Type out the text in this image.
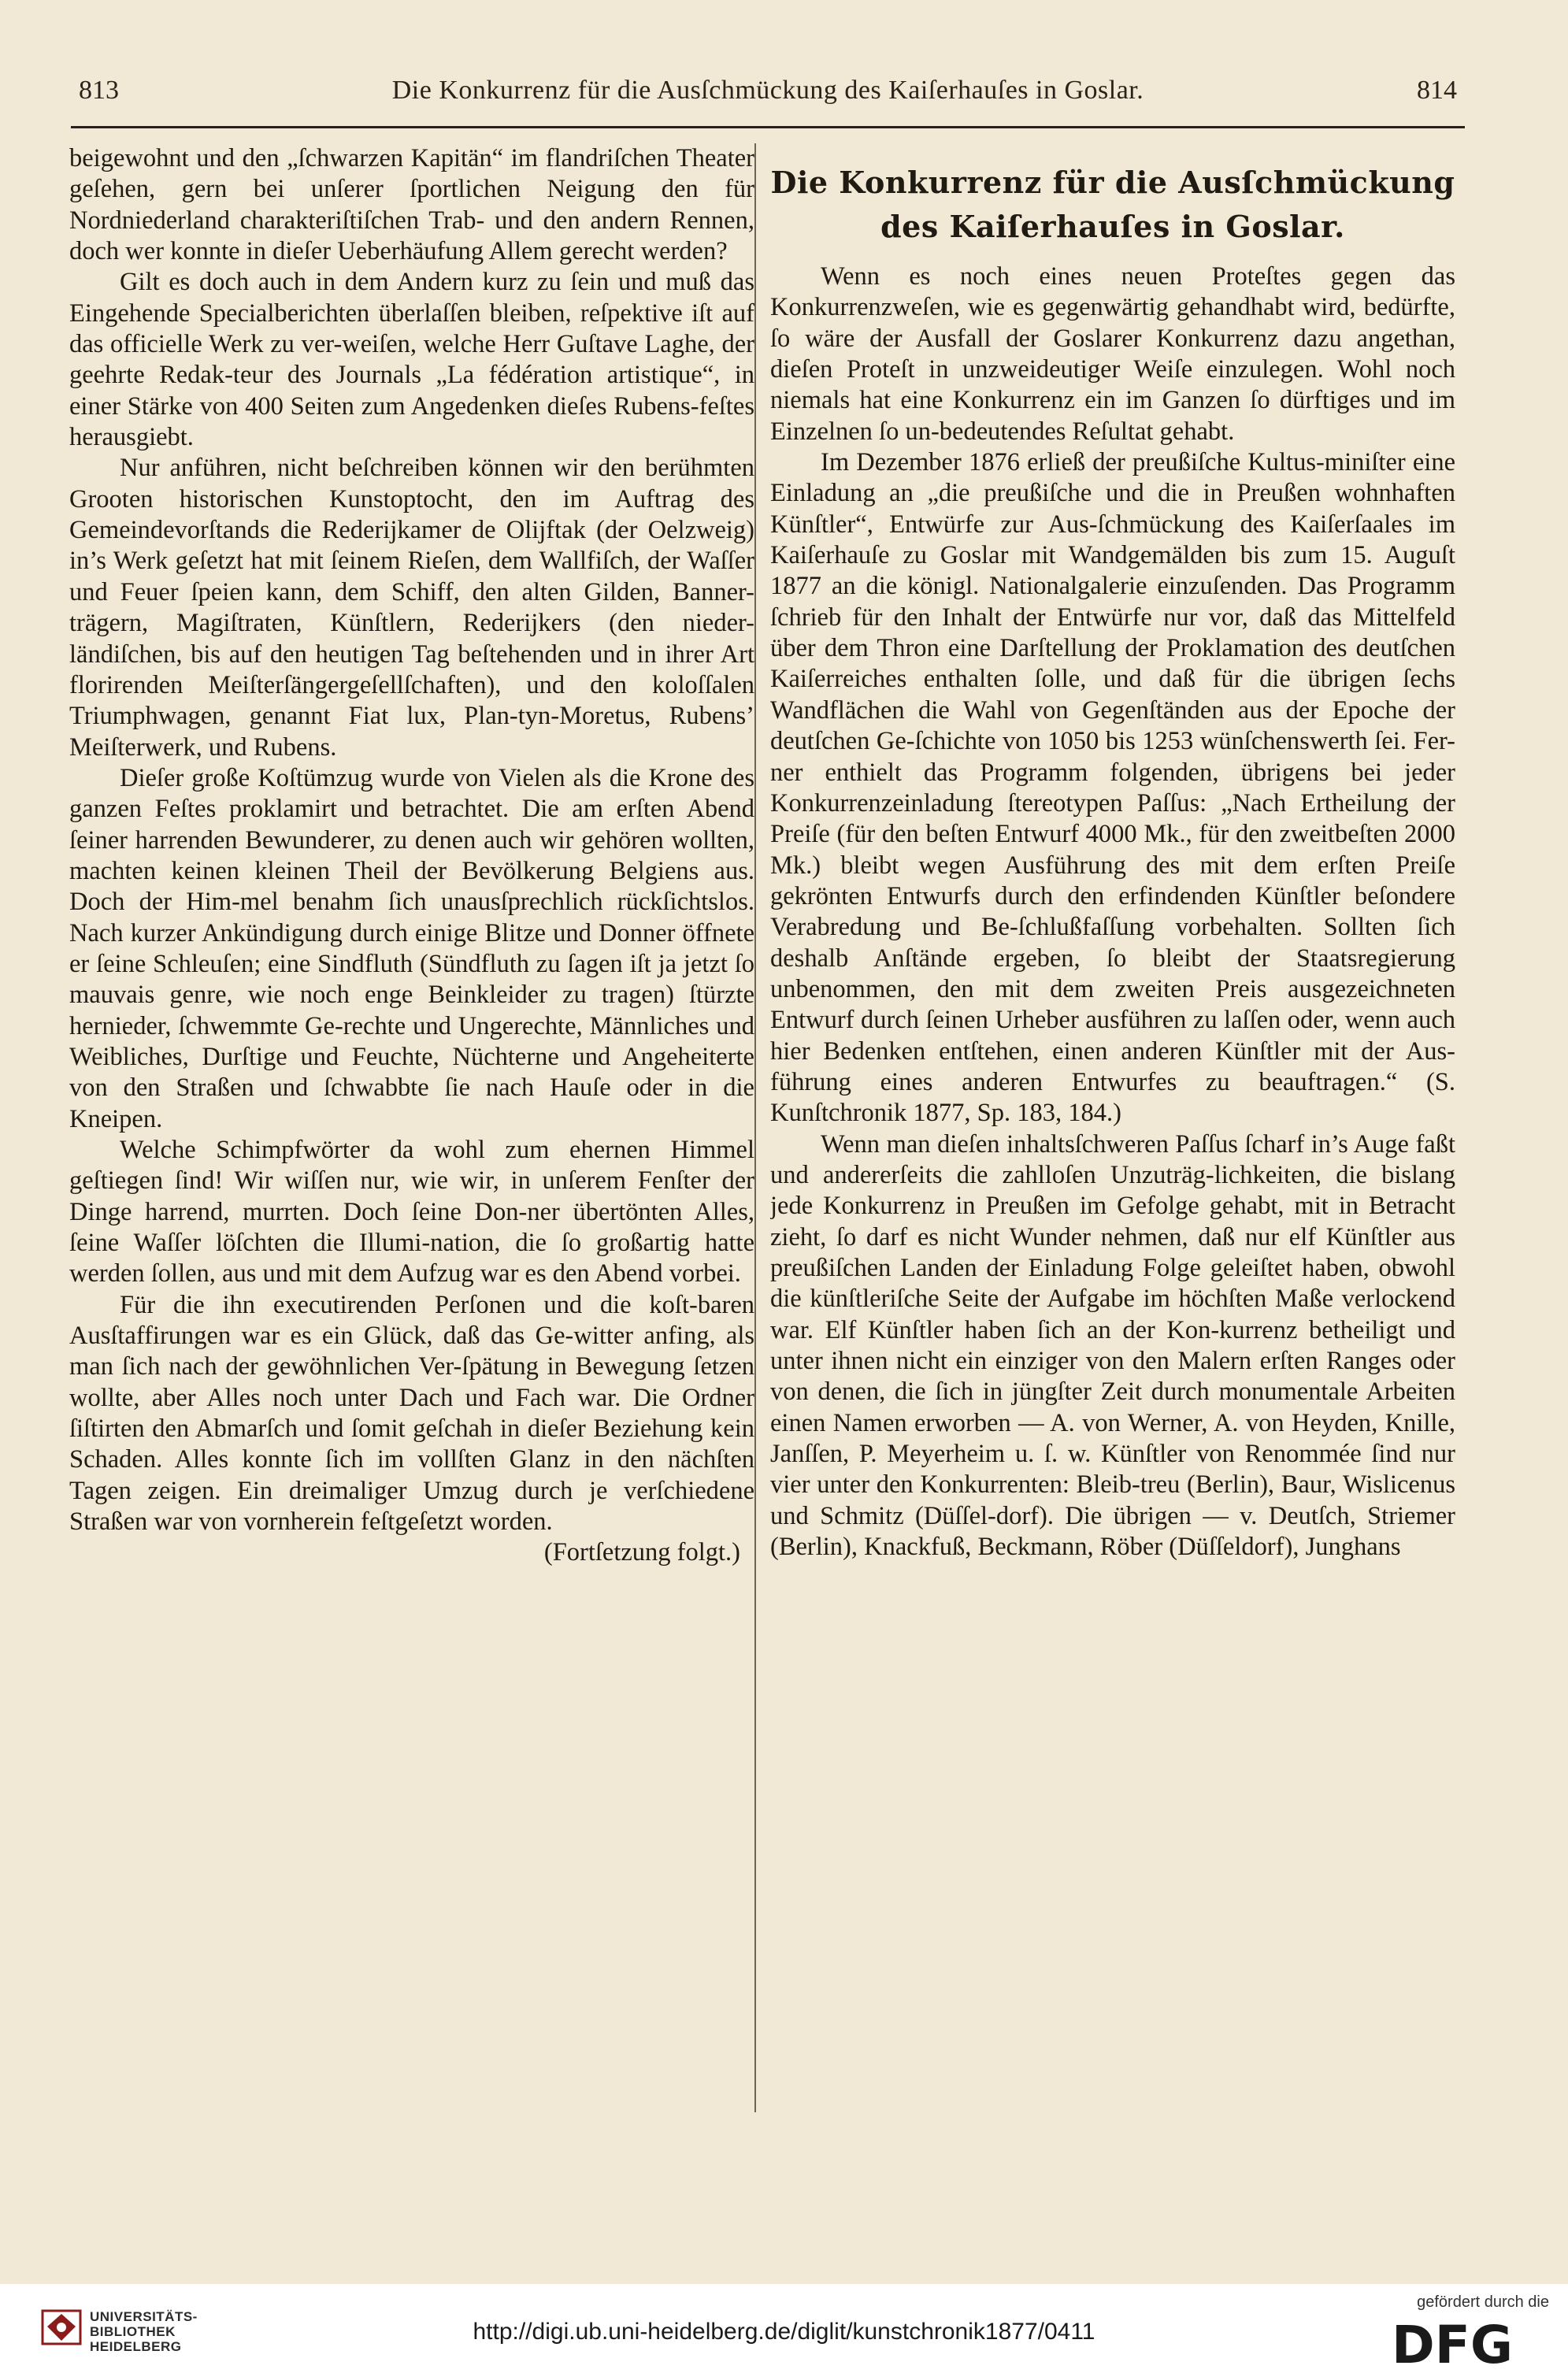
813	Die Konkurrenz für die Ausſchmückung des Kaiſerhauſes in Goslar.	814

beigewohnt und den „ſchwarzen Kapitän“ im flandriſchen Theater geſehen, gern bei unſerer ſportlichen Neigung den für Nordniederland charakteriſtiſchen Trab- und den andern Rennen, doch wer konnte in dieſer Ueberhäufung Allem gerecht werden?

Gilt es doch auch in dem Andern kurz zu ſein und muß das Eingehende Specialberichten überlaſſen bleiben, reſpektive iſt auf das officielle Werk zu ver-weiſen, welche Herr Guſtave Laghe, der geehrte Redak-teur des Journals „La fédération artistique“, in einer Stärke von 400 Seiten zum Angedenken dieſes Rubens-feſtes herausgiebt.

Nur anführen, nicht beſchreiben können wir den berühmten Grooten historischen Kunstoptocht, den im Auftrag des Gemeindevorſtands die Rederijkamer de Olijftak (der Oelzweig) in’s Werk geſetzt hat mit ſeinem Rieſen, dem Wallfiſch, der Waſſer und Feuer ſpeien kann, dem Schiff, den alten Gilden, Banner-trägern, Magiſtraten, Künſtlern, Rederijkers (den nieder-ländiſchen, bis auf den heutigen Tag beſtehenden und in ihrer Art florirenden Meiſterſängergeſellſchaften), und den koloſſalen Triumphwagen, genannt Fiat lux, Plan-tyn-Moretus, Rubens’ Meiſterwerk, und Rubens.

Dieſer große Koſtümzug wurde von Vielen als die Krone des ganzen Feſtes proklamirt und betrachtet. Die am erſten Abend ſeiner harrenden Bewunderer, zu denen auch wir gehören wollten, machten keinen kleinen Theil der Bevölkerung Belgiens aus. Doch der Him-mel benahm ſich unausſprechlich rückſichtslos. Nach kurzer Ankündigung durch einige Blitze und Donner öffnete er ſeine Schleuſen; eine Sindfluth (Sündfluth zu ſagen iſt ja jetzt ſo mauvais genre, wie noch enge Beinkleider zu tragen) ſtürzte hernieder, ſchwemmte Ge-rechte und Ungerechte, Männliches und Weibliches, Durſtige und Feuchte, Nüchterne und Angeheiterte von den Straßen und ſchwabbte ſie nach Hauſe oder in die Kneipen.

Welche Schimpfwörter da wohl zum ehernen Himmel geſtiegen ſind! Wir wiſſen nur, wie wir, in unſerem Fenſter der Dinge harrend, murrten. Doch ſeine Don-ner übertönten Alles, ſeine Waſſer löſchten die Illumi-nation, die ſo großartig hatte werden ſollen, aus und mit dem Aufzug war es den Abend vorbei.

Für die ihn executirenden Perſonen und die koſt-baren Ausſtaffirungen war es ein Glück, daß das Ge-witter anfing, als man ſich nach der gewöhnlichen Ver-ſpätung in Bewegung ſetzen wollte, aber Alles noch unter Dach und Fach war. Die Ordner ſiſtirten den Abmarſch und ſomit geſchah in dieſer Beziehung kein Schaden. Alles konnte ſich im vollſten Glanz in den nächſten Tagen zeigen. Ein dreimaliger Umzug durch je verſchiedene Straßen war von vornherein feſtgeſetzt worden.
(Fortſetzung folgt.)

Die Konkurrenz für die Ausſchmückung des Kaiſerhauſes in Goslar.

Wenn es noch eines neuen Proteſtes gegen das Konkurrenzweſen, wie es gegenwärtig gehandhabt wird, bedürfte, ſo wäre der Ausfall der Goslarer Konkurrenz dazu angethan, dieſen Proteſt in unzweideutiger Weiſe einzulegen. Wohl noch niemals hat eine Konkurrenz ein im Ganzen ſo dürftiges und im Einzelnen ſo un-bedeutendes Reſultat gehabt.

Im Dezember 1876 erließ der preußiſche Kultus-miniſter eine Einladung an „die preußiſche und die in Preußen wohnhaften Künſtler“, Entwürfe zur Aus-ſchmückung des Kaiſerſaales im Kaiſerhauſe zu Goslar mit Wandgemälden bis zum 15. Auguſt 1877 an die königl. Nationalgalerie einzuſenden. Das Programm ſchrieb für den Inhalt der Entwürfe nur vor, daß das Mittelfeld über dem Thron eine Darſtellung der Proklamation des deutſchen Kaiſerreiches enthalten ſolle, und daß für die übrigen ſechs Wandflächen die Wahl von Gegenſtänden aus der Epoche der deutſchen Ge-ſchichte von 1050 bis 1253 wünſchenswerth ſei. Fer-ner enthielt das Programm folgenden, übrigens bei jeder Konkurrenzeinladung ſtereotypen Paſſus: „Nach Ertheilung der Preiſe (für den beſten Entwurf 4000 Mk., für den zweitbeſten 2000 Mk.) bleibt wegen Ausführung des mit dem erſten Preiſe gekrönten Entwurfs durch den erfindenden Künſtler beſondere Verabredung und Be-ſchlußfaſſung vorbehalten. Sollten ſich deshalb Anſtände ergeben, ſo bleibt der Staatsregierung unbenommen, den mit dem zweiten Preis ausgezeichneten Entwurf durch ſeinen Urheber ausführen zu laſſen oder, wenn auch hier Bedenken entſtehen, einen anderen Künſtler mit der Aus-führung eines anderen Entwurfes zu beauftragen.“ (S. Kunſtchronik 1877, Sp. 183, 184.)

Wenn man dieſen inhaltsſchweren Paſſus ſcharf in’s Auge faßt und andererſeits die zahlloſen Unzuträg-lichkeiten, die bislang jede Konkurrenz in Preußen im Gefolge gehabt, mit in Betracht zieht, ſo darf es nicht Wunder nehmen, daß nur elf Künſtler aus preußiſchen Landen der Einladung Folge geleiſtet haben, obwohl die künſtleriſche Seite der Aufgabe im höchſten Maße verlockend war. Elf Künſtler haben ſich an der Kon-kurrenz betheiligt und unter ihnen nicht ein einziger von den Malern erſten Ranges oder von denen, die ſich in jüngſter Zeit durch monumentale Arbeiten einen Namen erworben — A. von Werner, A. von Heyden, Knille, Janſſen, P. Meyerheim u. ſ. w. Künſtler von Renommée ſind nur vier unter den Konkurrenten: Bleib-treu (Berlin), Baur, Wislicenus und Schmitz (Düſſel-dorf). Die übrigen — v. Deutſch, Striemer (Berlin), Knackfuß, Beckmann, Röber (Düſſeldorf), Junghans

UNIVERSITÄTS-
BIBLIOTHEK
HEIDELBERG
http://digi.ub.uni-heidelberg.de/diglit/kunstchronik1877/0411
gefördert durch die
DFG
